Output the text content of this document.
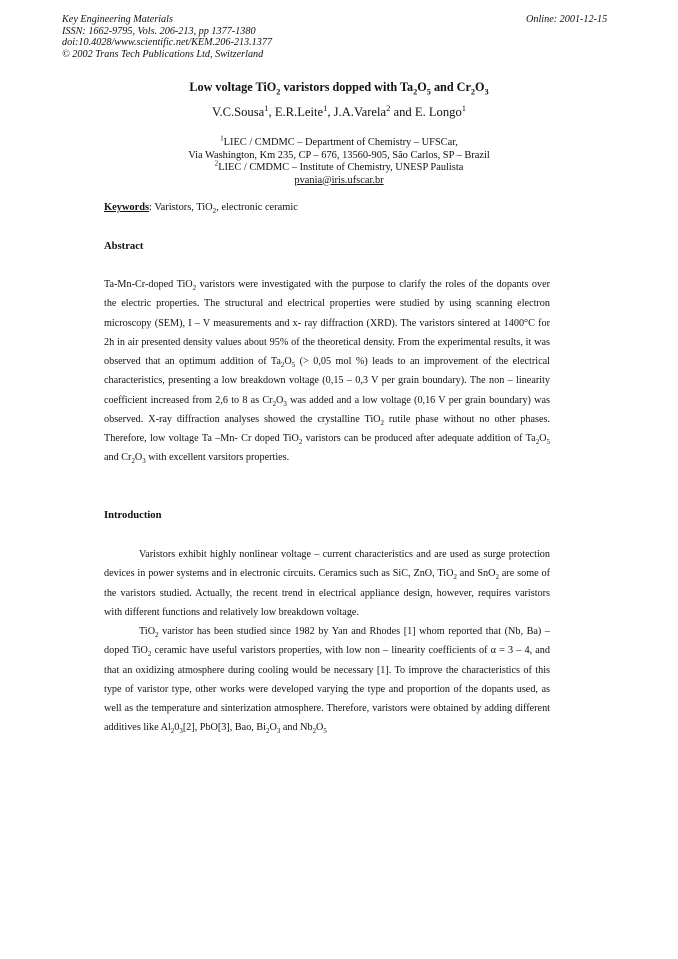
Key Engineering Materials
ISSN: 1662-9795, Vols. 206-213, pp 1377-1380
doi:10.4028/www.scientific.net/KEM.206-213.1377
© 2002 Trans Tech Publications Ltd, Switzerland
Online: 2001-12-15
Low voltage TiO$_2$ varistors dopped with $Ta_2O_5$ and $Cr_2O_3$
V.C.Sousa$^1$, E.R.Leite$^1$, J.A.Varela$^2$ and E. Longo$^1$
$^1$LIEC / CMDMC – Department of Chemistry – UFSCar,
Via Washington, Km 235, CP – 676, 13560-905, São Carlos, SP – Brazil
$^2$LIEC / CMDMC – Institute of Chemistry, UNESP Paulista
pvania@iris.ufscar.br
Keywords: Varistors, TiO$_2$, electronic ceramic
Abstract

Ta-Mn-Cr-doped TiO$_2$ varistors were investigated with the purpose to clarify the roles of the dopants over the electric properties. The structural and electrical properties were studied by using scanning electron microscopy (SEM), I – V measurements and x- ray diffraction (XRD). The varistors sintered at 1400°C for 2h in air presented density values about 95% of the theoretical density. From the experimental results, it was observed that an optimum addition of $Ta_2O_5$ (> 0,05 mol %) leads to an improvement of the electrical characteristics, presenting a low breakdown voltage (0,15 – 0,3 V per grain boundary). The non – linearity coefficient increased from 2,6 to 8 as $Cr_2O_3$ was added and a low voltage (0,16 V per grain boundary) was observed. X-ray diffraction analyses showed the crystalline TiO$_2$ rutile phase without no other phases. Therefore, low voltage Ta –Mn- Cr doped TiO$_2$ varistors can be produced after adequate addition of $Ta_2O_5$ and $Cr_2O_3$ with excellent varsitors properties.

Introduction

Varistors exhibit highly nonlinear voltage – current characteristics and are used as surge protection devices in power systems and in electronic circuits. Ceramics such as SiC, ZnO, TiO$_2$ and SnO$_2$ are some of the varistors studied. Actually, the recent trend in electrical appliance design, however, requires varistors with different functions and relatively low breakdown voltage.

TiO$_2$ varistor has been studied since 1982 by Yan and Rhodes [1] whom reported that (Nb, Ba) – doped TiO$_2$ ceramic have useful varistors properties, with low non – linearity coefficients of α = 3 – 4, and that an oxidizing atmosphere during cooling would be necessary [1]. To improve the characteristics of this type of varistor type, other works were developed varying the type and proportion of the dopants used, as well as the temperature and sinterization atmosphere. Therefore, varistors were obtained by adding different additives like $Al_20_3[2]$, PbO[3], Bao, $Bi_2O_3$ and $Nb_2O_5$
